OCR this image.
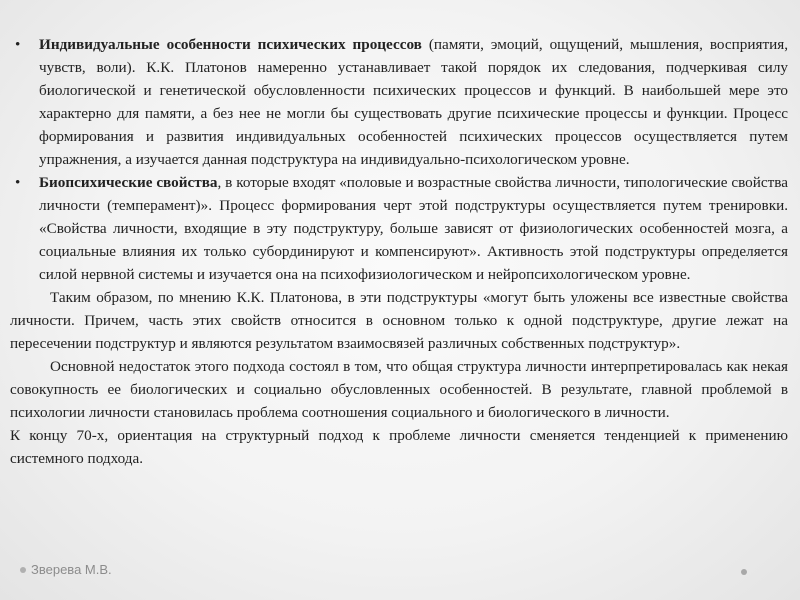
• Индивидуальные особенности психических процессов (памяти, эмоций, ощущений, мышления, восприятия, чувств, воли). К.К. Платонов намеренно устанавливает такой порядок их следования, подчеркивая силу биологической и генетической обусловленности психических процессов и функций. В наибольшей мере это характерно для памяти, а без нее не могли бы существовать другие психические процессы и функции. Процесс формирования и развития индивидуальных особенностей психических процессов осуществляется путем упражнения, а изучается данная подструктура на индивидуально-психологическом уровне.
• Биопсихические свойства, в которые входят «половые и возрастные свойства личности, типологические свойства личности (темперамент)». Процесс формирования черт этой подструктуры осуществляется путем тренировки. «Свойства личности, входящие в эту подструктуру, больше зависят от физиологических особенностей мозга, а социальные влияния их только субординируют и компенсируют». Активность этой подструктуры определяется силой нервной системы и изучается она на психофизиологическом и нейропсихологическом уровне.

Таким образом, по мнению К.К. Платонова, в эти подструктуры «могут быть уложены все известные свойства личности. Причем, часть этих свойств относится в основном только к одной подструктуре, другие лежат на пересечении подструктур и являются результатом взаимосвязей различных собственных подструктур».

Основной недостаток этого подхода состоял в том, что общая структура личности интерпретировалась как некая совокупность ее биологических и социально обусловленных особенностей. В результате, главной проблемой в психологии личности становилась проблема соотношения социального и биологического в личности.

К концу 70-х, ориентация на структурный подход к проблеме личности сменяется тенденцией к применению системного подхода.

Зверева М.В.
